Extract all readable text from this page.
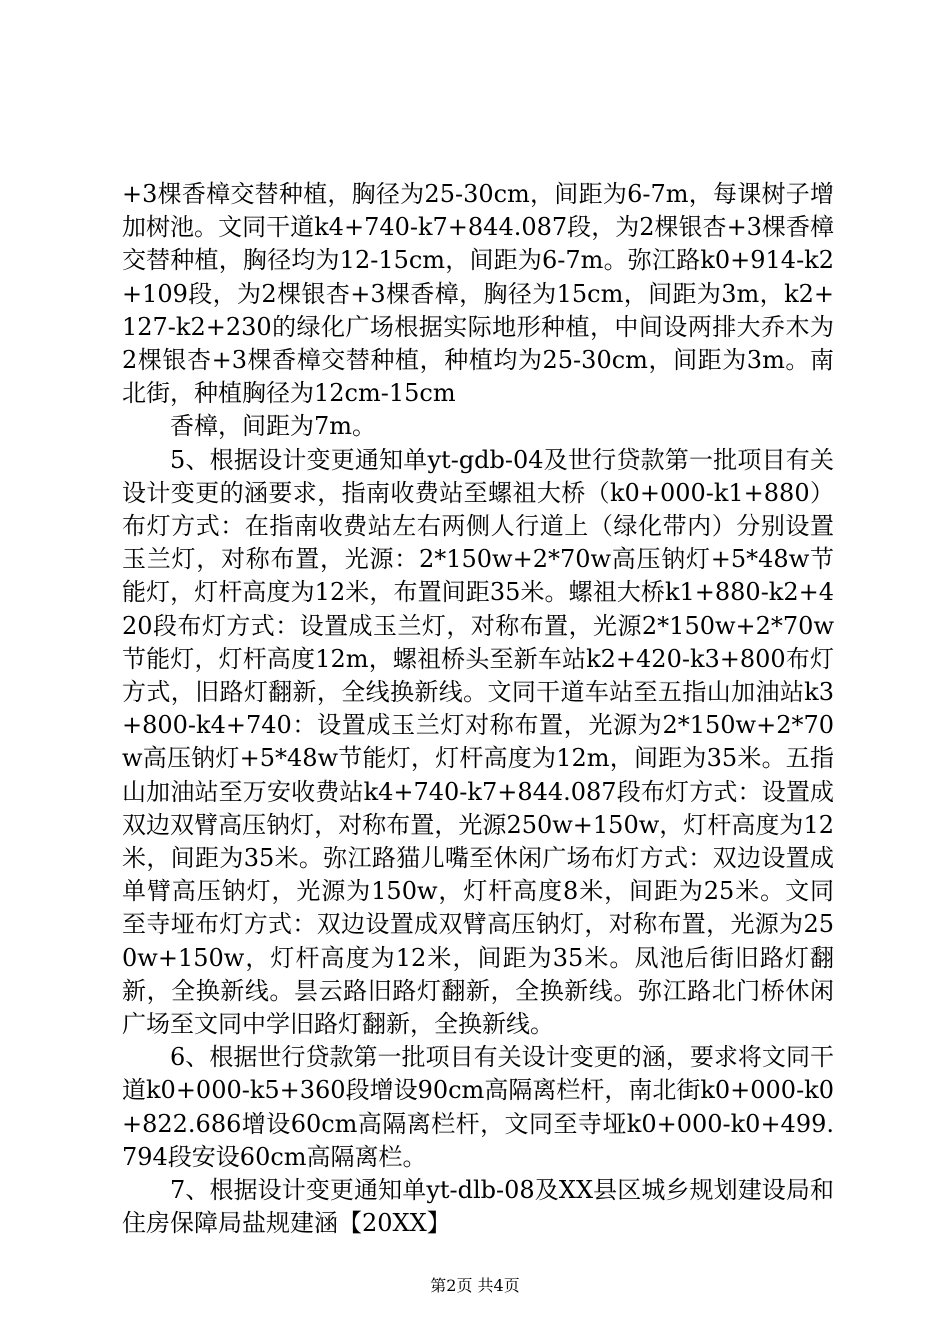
+3棵香樟交替种植，胸径为25-30cm，间距为6-7m，每课树子增加树池。文同干道k4+740-k7+844.087段，为2棵银杏+3棵香樟交替种植，胸径均为12-15cm，间距为6-7m。弥江路k0+914-k2+109段，为2棵银杏+3棵香樟，胸径为15cm，间距为3m，k2+127-k2+230的绿化广场根据实际地形种植，中间设两排大乔木为2棵银杏+3棵香樟交替种植，种植均为25-30cm，间距为3m。南北街，种植胸径为12cm-15cm

香樟，间距为7m。

5、根据设计变更通知单yt-gdb-04及世行贷款第一批项目有关设计变更的涵要求，指南收费站至螺祖大桥（k0+000-k1+880）布灯方式：在指南收费站左右两侧人行道上（绿化带内）分别设置玉兰灯，对称布置，光源：2*150w+2*70w高压钠灯+5*48w节能灯，灯杆高度为12米，布置间距35米。螺祖大桥k1+880-k2+420段布灯方式：设置成玉兰灯，对称布置，光源2*150w+2*70w节能灯，灯杆高度12m，螺祖桥头至新车站k2+420-k3+800布灯方式，旧路灯翻新，全线换新线。文同干道车站至五指山加油站k3+800-k4+740：设置成玉兰灯对称布置，光源为2*150w+2*70w高压钠灯+5*48w节能灯，灯杆高度为12m，间距为35米。五指山加油站至万安收费站k4+740-k7+844.087段布灯方式：设置成双边双臂高压钠灯，对称布置，光源250w+150w，灯杆高度为12米，间距为35米。弥江路猫儿嘴至休闲广场布灯方式：双边设置成单臂高压钠灯，光源为150w，灯杆高度8米，间距为25米。文同至寺垭布灯方式：双边设置成双臂高压钠灯，对称布置，光源为250w+150w，灯杆高度为12米，间距为35米。凤池后街旧路灯翻新，全换新线。昙云路旧路灯翻新，全换新线。弥江路北门桥休闲广场至文同中学旧路灯翻新，全换新线。

6、根据世行贷款第一批项目有关设计变更的涵，要求将文同干道k0+000-k5+360段增设90cm高隔离栏杆，南北街k0+000-k0+822.686增设60cm高隔离栏杆，文同至寺垭k0+000-k0+499.794段安设60cm高隔离栏。

7、根据设计变更通知单yt-dlb-08及XX县区城乡规划建设局和住房保障局盐规建涵【20XX】

第2页 共4页
